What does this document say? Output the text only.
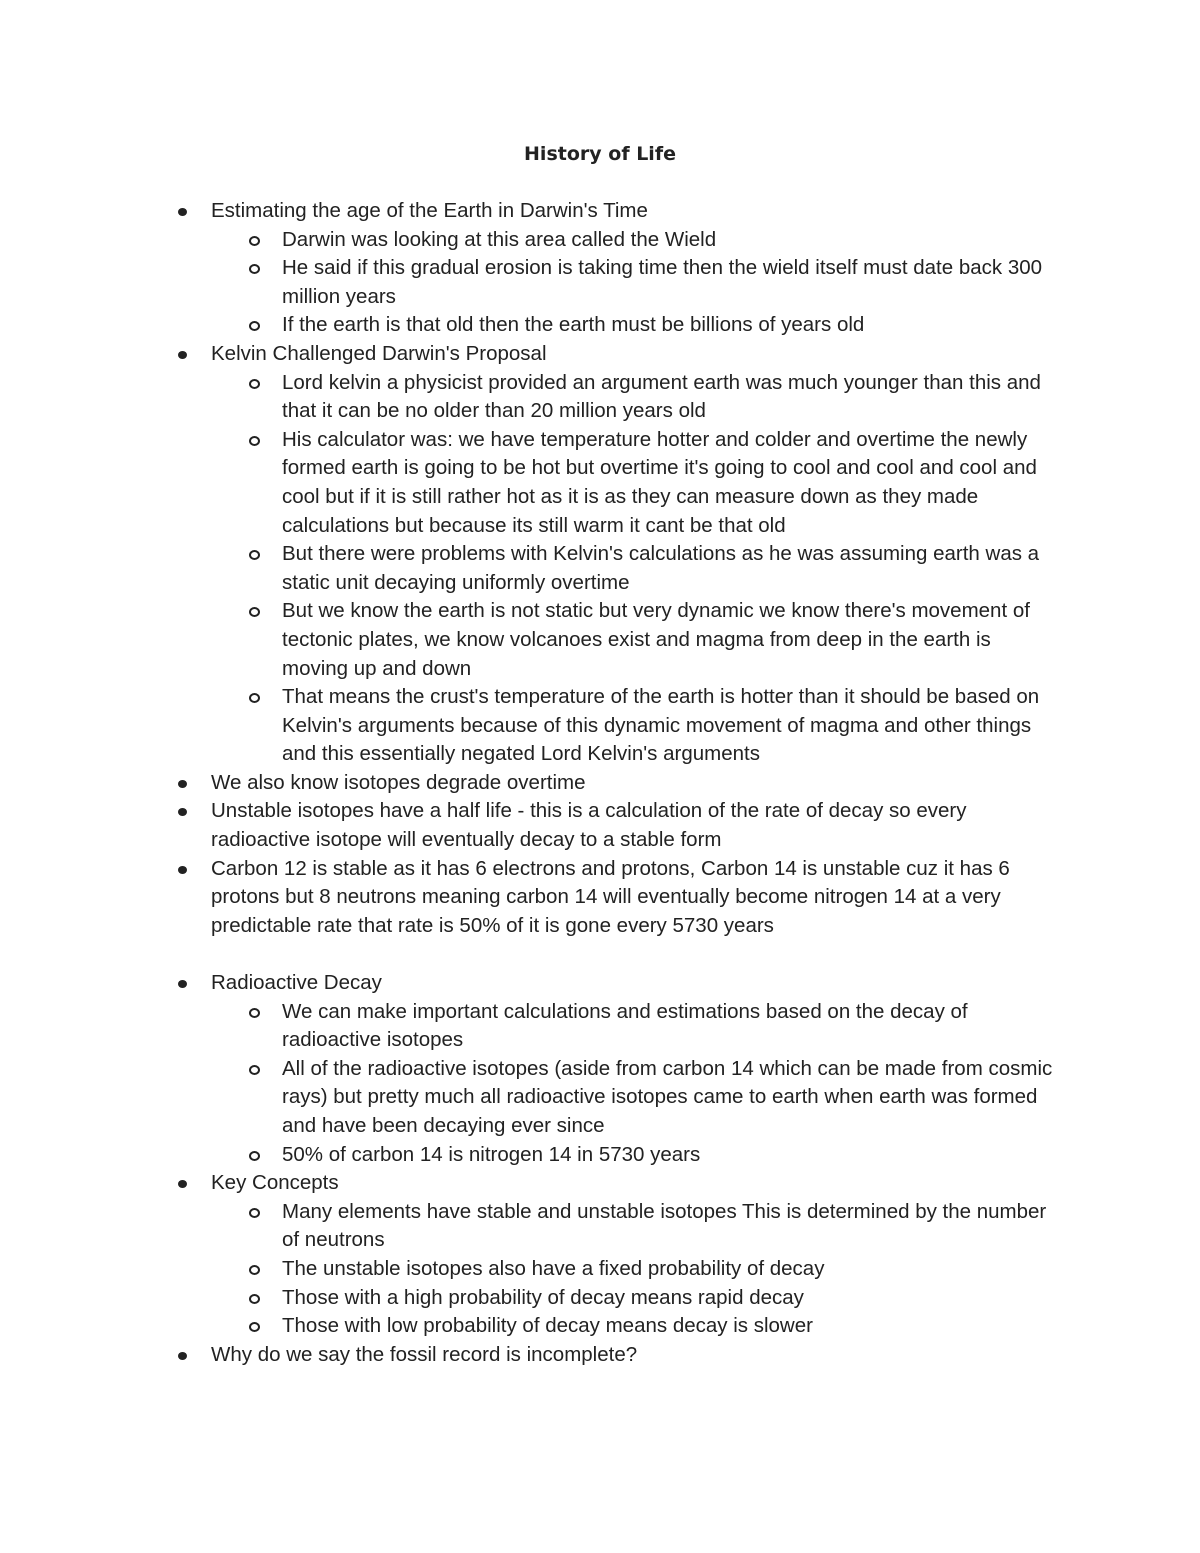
History of Life
Estimating the age of the Earth in Darwin's Time
Darwin was looking at this area called the Wield
He said if this gradual erosion is taking time then the wield itself must date back 300 million years
If the earth is that old then the earth must be billions of years old
Kelvin Challenged Darwin's Proposal
Lord kelvin a physicist provided an argument earth was much younger than this and that it can be no older than 20 million years old
His calculator was: we have temperature hotter and colder and overtime the newly formed earth is going to be hot but overtime it's going to cool and cool and cool and cool but if it is still rather hot as it is as they can measure down as they made calculations but because its still warm it cant be that old
But there were problems with Kelvin's calculations as he was assuming earth was a static unit decaying uniformly overtime
But we know the earth is not static but very dynamic we know there's movement of tectonic plates, we know volcanoes exist and magma from deep in the earth is moving up and down
That means the crust's temperature of the earth is hotter than it should be based on Kelvin's arguments because of this dynamic movement of magma and other things and this essentially negated Lord Kelvin's arguments
We also know isotopes degrade overtime
Unstable isotopes have a half life - this is a calculation of the rate of decay so every radioactive isotope will eventually decay to a stable form
Carbon 12 is stable as it has 6 electrons and protons, Carbon 14 is unstable cuz it has 6 protons but 8 neutrons meaning carbon 14 will eventually become nitrogen 14 at a very predictable rate that rate is 50% of it is gone every 5730 years
Radioactive Decay
We can make important calculations and estimations based on the decay of radioactive isotopes
All of the radioactive isotopes (aside from carbon 14 which can be made from cosmic rays) but pretty much all radioactive isotopes came to earth when earth was formed and have been decaying ever since
50% of carbon 14 is nitrogen 14 in 5730 years
Key Concepts
Many elements have stable and unstable isotopes This is determined by the number of neutrons
The unstable isotopes also have a fixed probability of decay
Those with a high probability of decay means rapid decay
Those with low probability of decay means decay is slower
Why do we say the fossil record is incomplete?
